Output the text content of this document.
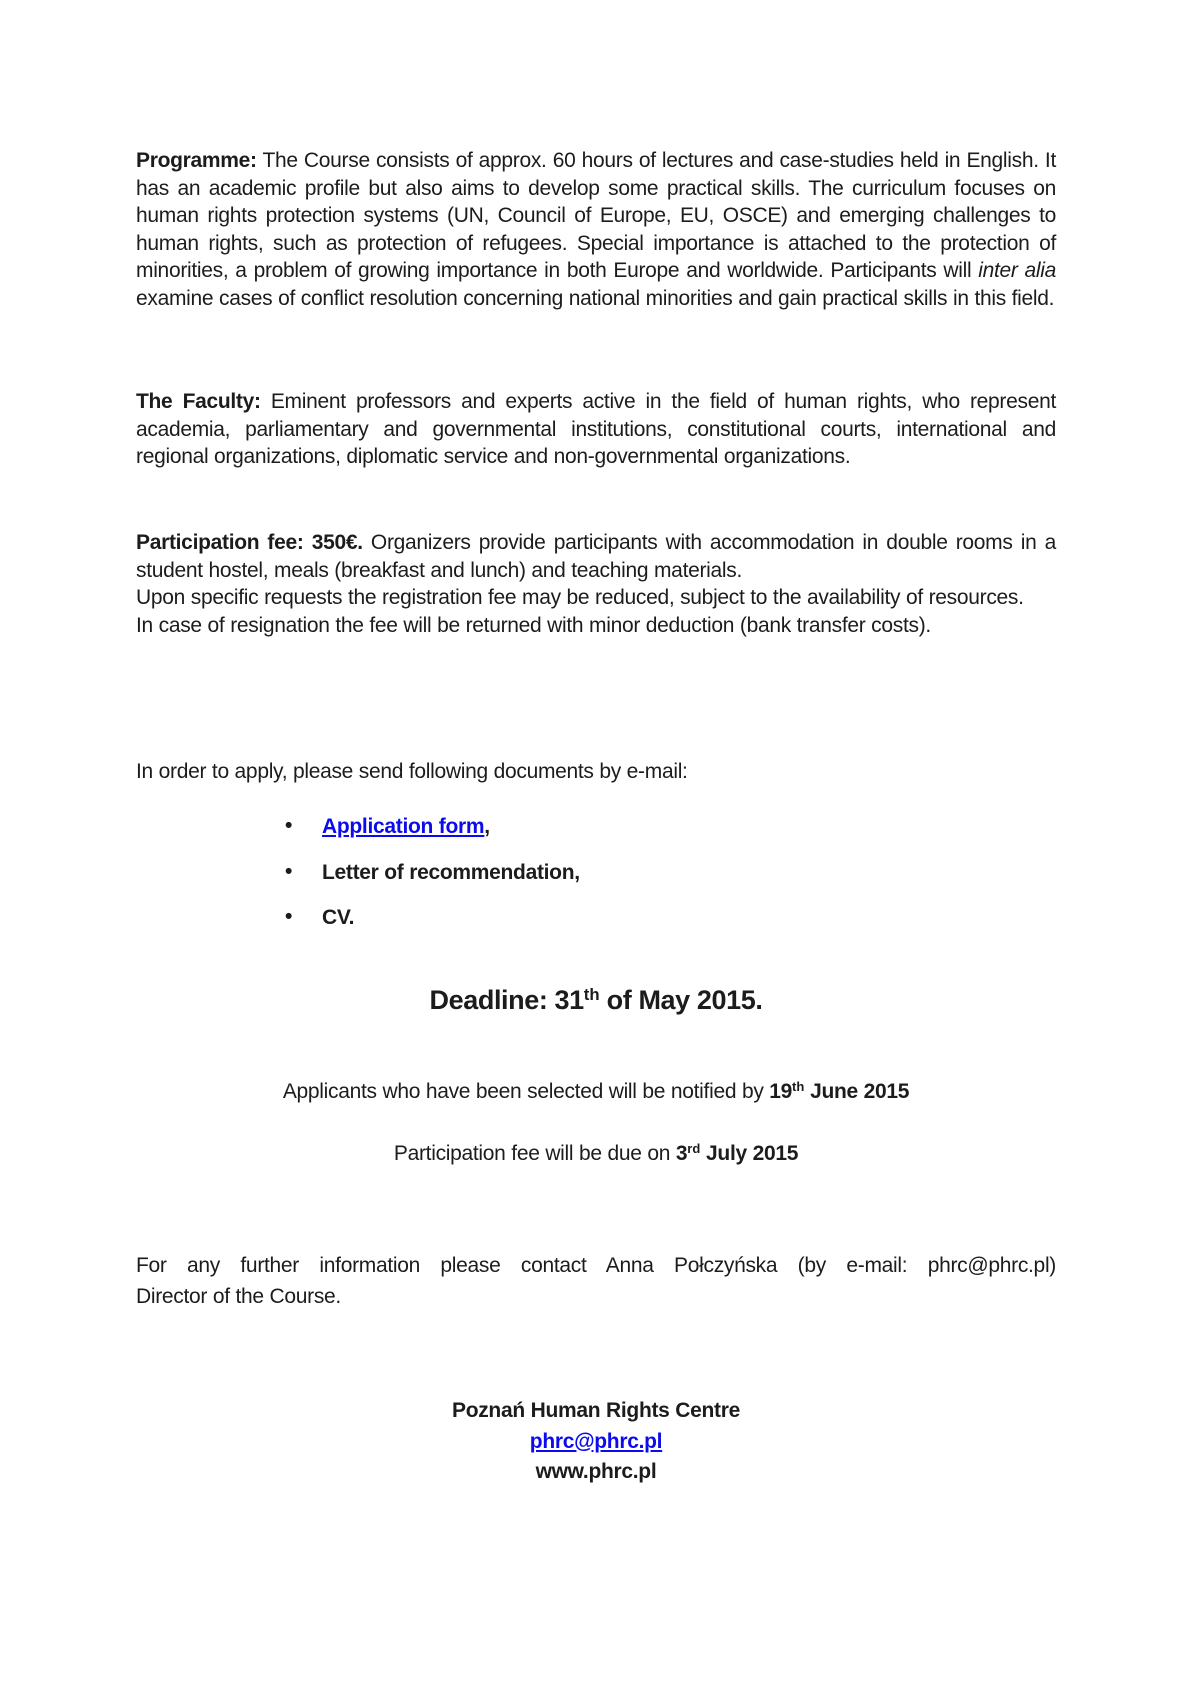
Programme: The Course consists of approx. 60 hours of lectures and case-studies held in English. It has an academic profile but also aims to develop some practical skills. The curriculum focuses on human rights protection systems (UN, Council of Europe, EU, OSCE) and emerging challenges to human rights, such as protection of refugees. Special importance is attached to the protection of minorities, a problem of growing importance in both Europe and worldwide. Participants will inter alia examine cases of conflict resolution concerning national minorities and gain practical skills in this field.

The Faculty: Eminent professors and experts active in the field of human rights, who represent academia, parliamentary and governmental institutions, constitutional courts, international and regional organizations, diplomatic service and non-governmental organizations.

Participation fee: 350€. Organizers provide participants with accommodation in double rooms in a student hostel, meals (breakfast and lunch) and teaching materials.

Upon specific requests the registration fee may be reduced, subject to the availability of resources.

In case of resignation the fee will be returned with minor deduction (bank transfer costs).

In order to apply, please send following documents by e-mail:

• Application form,
• Letter of recommendation,
• CV.
Deadline: 31th of May 2015.

Applicants who have been selected will be notified by 19th June 2015

Participation fee will be due on 3rd July 2015

For any further information please contact Anna Połczyńska (by e-mail: phrc@phrc.pl)
Director of the Course.
Poznań Human Rights Centre
phrc@phrc.pl
www.phrc.pl
